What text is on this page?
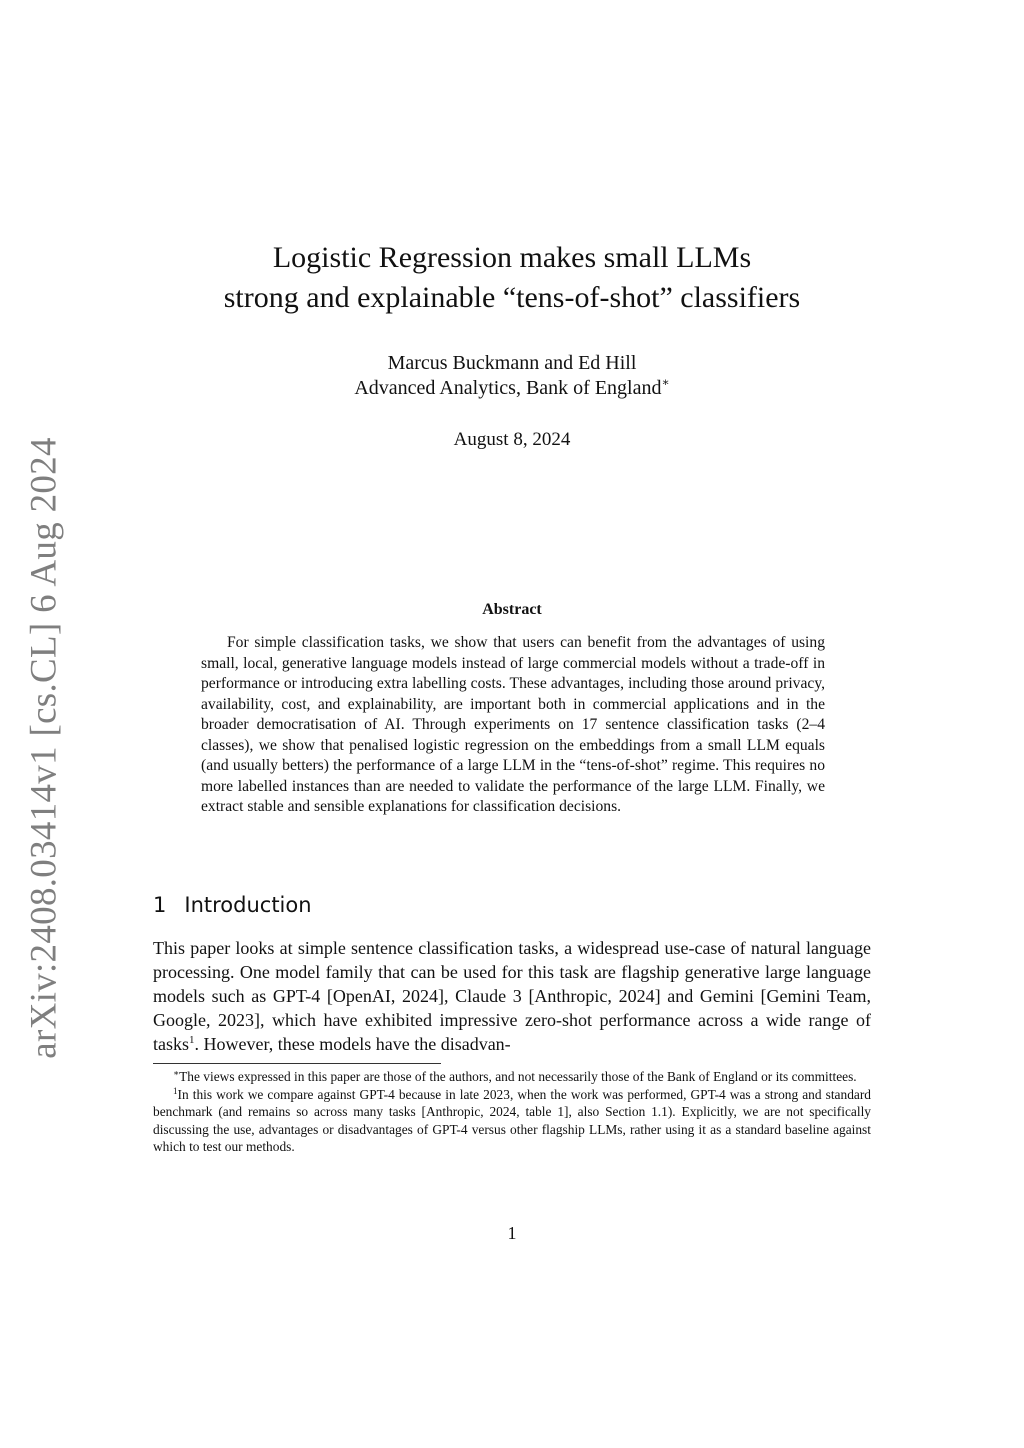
arXiv:2408.03414v1 [cs.CL] 6 Aug 2024
Logistic Regression makes small LLMs
strong and explainable “tens-of-shot” classifiers
Marcus Buckmann and Ed Hill
Advanced Analytics, Bank of England∗
August 8, 2024
Abstract

For simple classification tasks, we show that users can benefit from the advantages of using small, local, generative language models instead of large commercial models without a trade-off in performance or introducing extra labelling costs. These advantages, including those around privacy, availability, cost, and explainability, are important both in commercial applications and in the broader democratisation of AI. Through experiments on 17 sentence classification tasks (2–4 classes), we show that penalised logistic regression on the embeddings from a small LLM equals (and usually betters) the performance of a large LLM in the “tens-of-shot” regime. This requires no more labelled instances than are needed to validate the performance of the large LLM. Finally, we extract stable and sensible explanations for classification decisions.

1 Introduction

This paper looks at simple sentence classification tasks, a widespread use-case of natural language processing. One model family that can be used for this task are flagship generative large language models such as GPT-4 [OpenAI, 2024], Claude 3 [Anthropic, 2024] and Gemini [Gemini Team, Google, 2023], which have exhibited impressive zero-shot performance across a wide range of tasks$^1$. However, these models have the disadvan-

∗The views expressed in this paper are those of the authors, and not necessarily those of the Bank of England or its committees.

$^1$In this work we compare against GPT-4 because in late 2023, when the work was performed, GPT-4 was a strong and standard benchmark (and remains so across many tasks [Anthropic, 2024, table 1], also Section 1.1). Explicitly, we are not specifically discussing the use, advantages or disadvantages of GPT-4 versus other flagship LLMs, rather using it as a standard baseline against which to test our methods.

1
